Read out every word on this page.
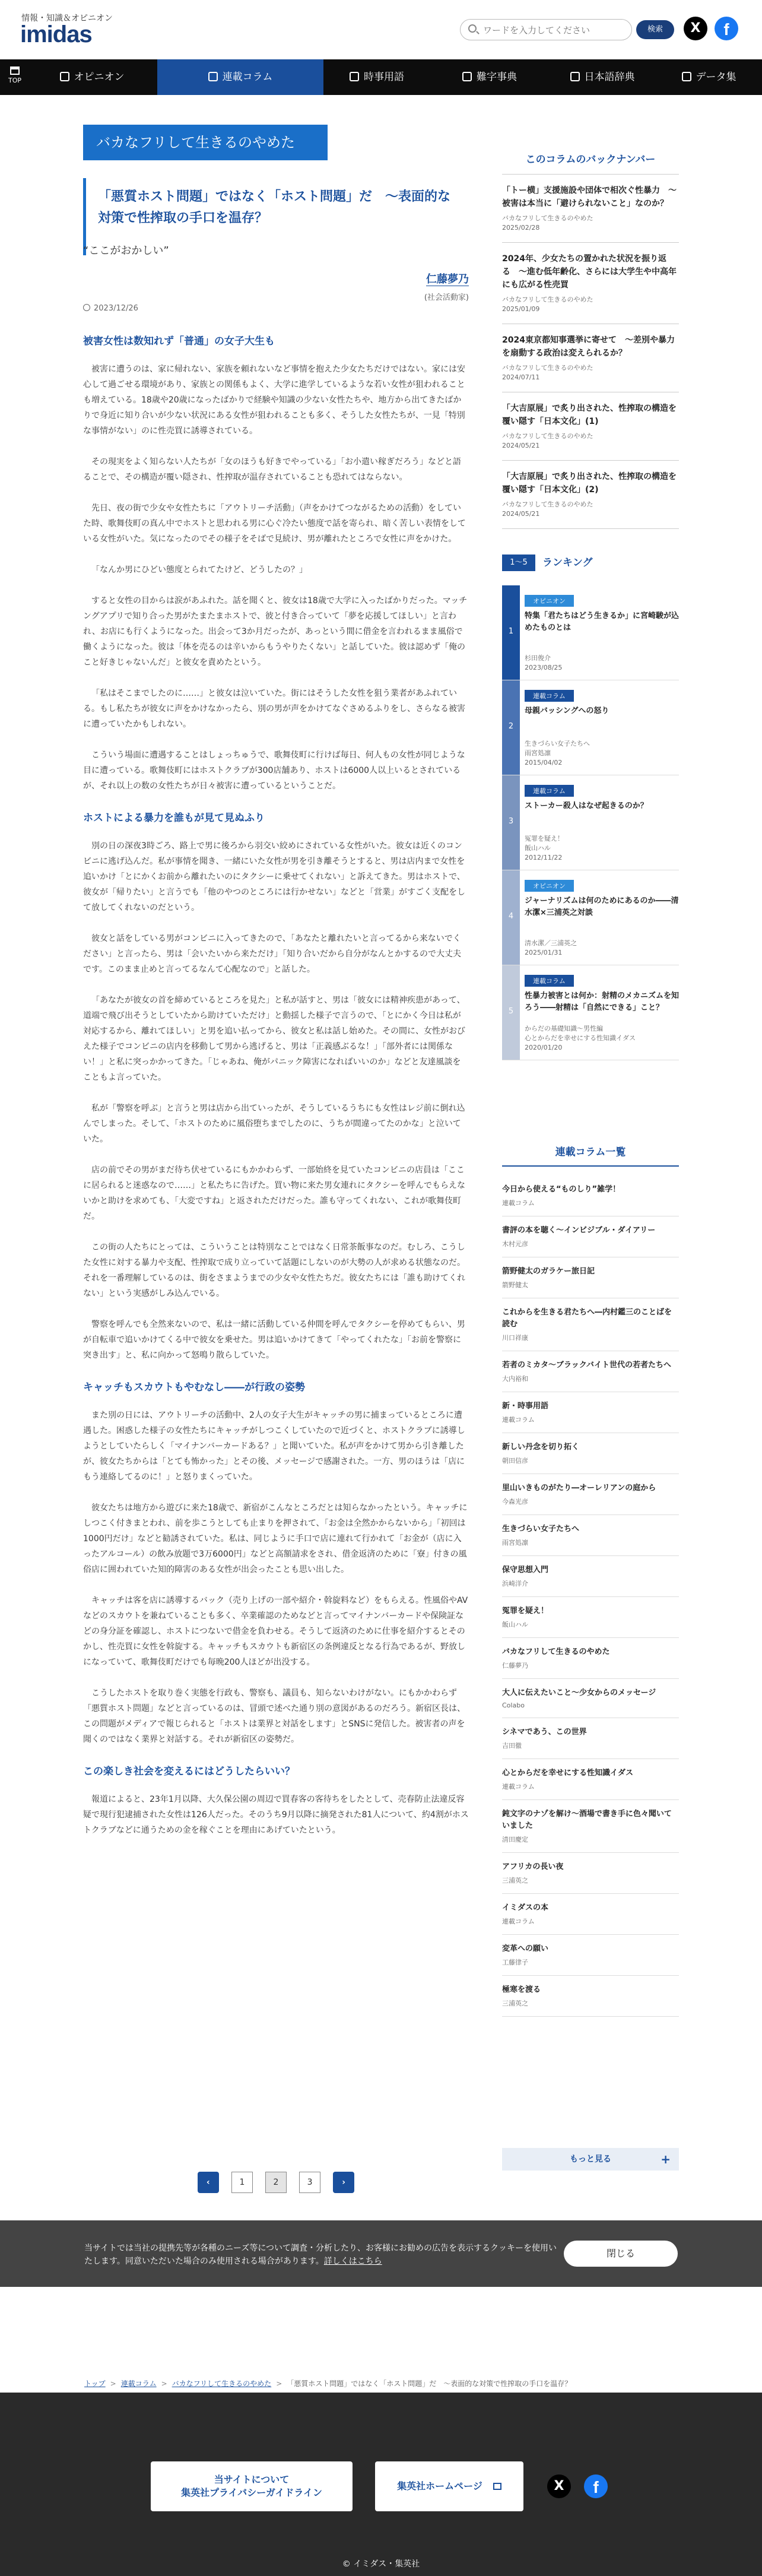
情報・知識＆オピニオン
imidas
ワードを入力してください	検索	X	f
TOP	オピニオン	連載コラム	時事用語	難字事典	日本語辞典	データ集
バカなフリして生きるのやめた
「悪質ホスト問題」ではなく「ホスト問題」だ　〜表面的な対策で性搾取の手口を温存？
“ここがおかしい”
仁藤夢乃
(社会活動家)
2023/12/26
被害女性は数知れず「普通」の女子大生も

被害に遭うのは、家に帰れない、家族を頼れないなど事情を抱えた少女たちだけではない。家には安心して過ごせる環境があり、家族との関係もよく、大学に進学しているような若い女性が狙われることも増えている。18歳や20歳になったばかりで経験や知識の少ない女性たちや、地方から出てきたばかりで身近に知り合いが少ない状況にある女性が狙われることも多く、そうした女性たちが、一見「特別な事情がない」のに性売買に誘導されている。

その現実をよく知らない人たちが「女のほうも好きでやっている」「お小遣い稼ぎだろう」などと語ることで、その構造が覆い隠され、性搾取が温存されていることも恐れてはならない。

先日、夜の街で少女や女性たちに「アウトリーチ活動」（声をかけてつながるための活動）をしていた時、歌舞伎町の真ん中でホストと思われる男に心ぐ冷たい態度で話を寄られ、暗く苦しい表情をしている女性がいた。気になったのでその様子をそばで見続け、男が離れたところで女性に声をかけた。

「なんか男にひどい態度とられてたけど、どうしたの？」

すると女性の目からは涙があふれた。話を聞くと、彼女は18歳で大学に入ったばかりだった。マッチングアプリで知り合った男がたまたまホストで、彼と付き合っていて「夢を応援してほしい」と言われ、お店にも行くようになった。出会って3か月だったが、あっという間に借金を言われるまま風俗で働くようになった。彼は「体を売るのは辛いからもうやりたくない」と話していた。彼は認めず「俺のこと好きじゃないんだ」と彼女を責めたという。

「私はそこまでしたのに……」と彼女は泣いていた。街にはそうした女性を狙う業者があふれている。もし私たちが彼女に声をかけなかったら、別の男が声をかけてなぐさめるふりをし、さらなる被害に遭っていたかもしれない。

こういう場面に遭遇することはしょっちゅうで、歌舞伎町に行けば毎日、何人もの女性が同じような目に遭っている。歌舞伎町にはホストクラブが300店舗あり、ホストは6000人以上いるとされているが、それ以上の数の女性たちが日々被害に遭っているということだ。

ホストによる暴力を誰もが見て見ぬふり

別の日の深夜3時ごろ、路上で男に後ろから羽交い絞めにされている女性がいた。彼女は近くのコンビニに逃げ込んだ。私が事情を聞き、一緒にいた女性が男を引き離そうとすると、男は店内まで女性を追いかけ「とにかくお前から離れたいのにタクシーに乗せてくれない」と訴えてきた。男はホストで、彼女が「帰りたい」と言うでも「他のやつのところには行かせない」などと「営業」がすごく支配をして放してくれないのだという。

彼女と話をしている男がコンビニに入ってきたので、「あなたと離れたいと言ってるから来ないでください」と言ったら、男は「会いたいから来ただけ」「知り合いだから自分がなんとかするので大丈夫です。このまま止めと言ってるなんて心配なので」と話した。

「あなたが彼女の首を締めているところを見た」と私が話すと、男は「彼女には精神疾患があって、道端で飛び出そうとしていたから助けていただけ」と動揺した様子で言うので、「とにかく今日は私が対応するから、離れてほしい」と男を追い払ってから、彼女と私は話し始めた。その間に、女性がおびえた様子でコンビニの店内を移動して男から逃げると、男は「正義感ぶるな！」「部外者には関係ない！」と私に突っかかってきた。「じゃあね、俺がパニック障害になればいいのか」などと友達風談をこともよ言っていた。

私が「警察を呼ぶ」と言うと男は店から出ていったが、そうしているうちにも女性はレジ前に倒れ込んでしまった。そして、「ホストのために風俗堕ちまでしたのに、うちが間違ってたのかな」と泣いていた。

店の前でその男がまだ待ち伏せているにもかかわらず、一部始終を見ていたコンビニの店員は「ここに居られると迷惑なので……」と私たちに告げた。買い物に来た男女連れにタクシーを呼んでもらえないかと助けを求めても、「大変ですね」と返されただけだった。誰も守ってくれない、これが歌舞伎町だ。

この街の人たちにとっては、こういうことは特別なことではなく日常茶飯事なのだ。むしろ、こうした女性に対する暴力や支配、性搾取で成り立っていて話題にしないのが大勢の人が求める状態なのだ。それを一番理解しているのは、街をさまようまでの少女や女性たちだ。彼女たちには「誰も助けてくれない」という実感がしみ込んでいる。

警察を呼んでも全然来ないので、私は一緒に活動している仲間を呼んでタクシーを停めてもらい、男が自転車で追いかけてくる中で彼女を乗せた。男は追いかけてきて「やってくれたな」「お前を警察に突き出す」と、私に向かって怒鳴り散らしていた。

キャッチもスカウトもやむなし――が行政の姿勢

また別の日には、アウトリーチの活動中、2人の女子大生がキャッチの男に捕まっているところに遭遇した。困惑した様子の女性たちにキャッチがしつこくしていたので近づくと、ホストクラブに誘導しようとしていたらしく「マイナンバーカードある？」と聞いていた。私が声をかけて男から引き離したが、彼女たちからは「とても怖かった」とその後、メッセージで感謝された。一方、男のほうは「店にもう連絡してるのに！」と怒りまくっていた。

彼女たちは地方から遊びに来た18歳で、新宿がこんなところだとは知らなかったという。キャッチにしつこく付きまとわれ、前を歩こうとしても止まりを押されて、「お金は全然かからないから」「初回は1000円だけ」などと勧誘されていた。私は、同じように手口で店に連れて行かれて「お金が（店に入ったアルコール）の飲み放題で3万6000円」などと高額請求をされ、借金返済のために「寮」付きの風俗店に囲われていた知的障害のある女性が出会ったことも思い出した。

キャッチは客を店に誘導するバック（売り上げの一部や紹介・斡旋料など）をもらえる。性風俗やAVなどのスカウトを兼ねていることも多く、卒業確認のためなどと言ってマイナンバーカードや保険証などの身分証を確認し、ホストにつないで借金を負わせる。そうして返済のために仕事を紹介するとそのかし、性売買に女性を斡旋する。キャッチもスカウトも新宿区の条例違反となる行為であるが、野放しになっていて、歌舞伎町だけでも毎晩200人ほどが出没する。

こうしたホストを取り巻く実態を行政も、警察も、議員も、知らないわけがない。にもかかわらず「悪質ホスト問題」などと言っているのは、冒頭で述べた通り別の意図があるのだろう。新宿区長は、この問題がメディアで報じられると「ホストは業界と対話をします」とSNSに発信した。被害者の声を聞くのではなく業界と対話する。それが新宿区の姿勢だ。

この楽しき社会を変えるにはどうしたらいい？

報道によると、23年1月以降、大久保公園の周辺で買春客の客待ちをしたとして、売春防止法違反容疑で現行犯逮捕された女性は126人だった。そのうち9月以降に摘発された81人について、約4割がホストクラブなどに通うための金を稼ぐことを理由にあげていたという。

‹	1	2	3	›
このコラムのバックナンバー
「トー横」支援施設や団体で相次ぐ性暴力　〜被害は本当に「避けられないこと」なのか？
バカなフリして生きるのやめた
2025/02/28
2024年、少女たちの置かれた状況を振り返る　〜進む低年齢化、さらには大学生や中高年にも広がる性売買
バカなフリして生きるのやめた
2025/01/09
2024東京都知事選挙に寄せて　〜差別や暴力を扇動する政治は変えられるか？
バカなフリして生きるのやめた
2024/07/11
「大吉原展」で炙り出された、性搾取の構造を覆い隠す「日本文化」(1)
バカなフリして生きるのやめた
2024/05/21
「大吉原展」で炙り出された、性搾取の構造を覆い隠す「日本文化」(2)
バカなフリして生きるのやめた
2024/05/21
1〜5	ランキング
1
オピニオン
特集「君たちはどう生きるか」に宮崎駿が込めたものとは
杉田俊介
2023/08/25
2
連載コラム
母親バッシングへの怒り
生きづらい女子たちへ
雨宮処凛
2015/04/02
3
連載コラム
ストーカー殺人はなぜ起きるのか？
冤罪を疑え！
飯山ハル
2012/11/22
4
オピニオン
ジャーナリズムは何のためにあるのか――清水潔×三浦英之対談
清水潔／三浦英之
2025/01/31
5
連載コラム
性暴力被害とは何か：射精のメカニズムを知ろう――射精は「自然にできる」こと？
からだの基礎知識〜男性編
心とからだを幸せにする性知識イダス
2020/01/20
連載コラム一覧
今日から使える“ものしり”雑学！
連載コラム
書評の本を聴く〜インビジブル・ダイアリー
木村元彦
箭野健太のガラケー旅日記
箭野健太
これからを生きる君たちへ―内村鑑三のことばを読む
川口祥康
若者のミカタ〜ブラックバイト世代の若者たちへ
大内裕和
新・時事用語
連載コラム
新しい丹念を切り拓く
朝田信彦
里山いきものがたり―オーレリアンの庭から
今森光彦
生きづらい女子たちへ
雨宮処凛
保守思想入門
浜崎洋介
冤罪を疑え！
飯山ハル
バカなフリして生きるのやめた
仁藤夢乃
大人に伝えたいこと〜少女からのメッセージ
Colabo
シネマであう、この世界
吉田徹
心とからだを幸せにする性知識イダス
連載コラム
鈍文字のナゾを解け〜酒場で書き手に色々聞いていました
清田慶定
アフリカの長い夜
三浦英之
イミダスの本
連載コラム
変革への願い
工藤律子
極寒を渡る
三浦英之
もっと見る	+
当サイトでは当社の提携先等が各種のニーズ等について調査・分析したり、お客様にお勧めの広告を表示するクッキーを使用いたします。同意いただいた場合のみ使用される場合があります。詳しくはこちら
閉じる
トップ > 連載コラム > バカなフリして生きるのやめた > 「悪質ホスト問題」ではなく「ホスト問題」だ　〜表面的な対策で性搾取の手口を温存？
当サイトについて
集英社プライバシーガイドライン
集英社ホームページ	X	f
© イミダス・集英社
